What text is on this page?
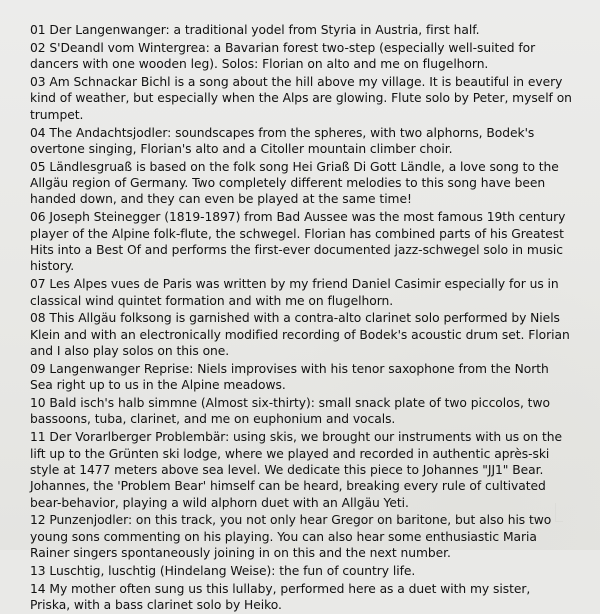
01 Der Langenwanger: a traditional yodel from Styria in Austria, first half.

02 S'Deandl vom Wintergrea: a Bavarian forest two-step (especially well-suited for dancers with one wooden leg). Solos: Florian on alto and me on flugelhorn.

03 Am Schnackar Bichl is a song about the hill above my village. It is beautiful in every kind of weather, but especially when the Alps are glowing. Flute solo by Peter, myself on trumpet.

04 The Andachtsjodler: soundscapes from the spheres, with two alphorns, Bodek's overtone singing, Florian's alto and a Citoller mountain climber choir.

05 Ländlesgruaß is based on the folk song Hei Griaß Di Gott Ländle, a love song to the Allgäu region of Germany. Two completely different melodies to this song have been handed down, and they can even be played at the same time!

06 Joseph Steinegger (1819-1897) from Bad Aussee was the most famous 19th century player of the Alpine folk-flute, the schwegel. Florian has combined parts of his Greatest Hits into a Best Of and performs the first-ever documented jazz-schwegel solo in music history.

07 Les Alpes vues de Paris was written by my friend Daniel Casimir especially for us in classical wind quintet formation and with me on flugelhorn.

08 This Allgäu folksong is garnished with a contra-alto clarinet solo performed by Niels Klein and with an electronically modified recording of Bodek's acoustic drum set. Florian and I also play solos on this one.

09 Langenwanger Reprise: Niels improvises with his tenor saxophone from the North Sea right up to us in the Alpine meadows.

10 Bald isch's halb simmne (Almost six-thirty): small snack plate of two piccolos, two bassoons, tuba, clarinet, and me on euphonium and vocals.

11 Der Vorarlberger Problembär: using skis, we brought our instruments with us on the lift up to the Grünten ski lodge, where we played and recorded in authentic après-ski style at 1477 meters above sea level. We dedicate this piece to Johannes "JJ1" Bear. Johannes, the 'Problem Bear' himself can be heard, breaking every rule of cultivated bear-behavior, playing a wild alphorn duet with an Allgäu Yeti.

12 Punzenjodler: on this track, you not only hear Gregor on baritone, but also his two young sons commenting on his playing. You can also hear some enthusiastic Maria Rainer singers spontaneously joining in on this and the next number.

13 Luschtig, luschtig (Hindelang Weise): the fun of country life.

14 My mother often sung us this lullaby, performed here as a duet with my sister, Priska, with a bass clarinet solo by Heiko.
